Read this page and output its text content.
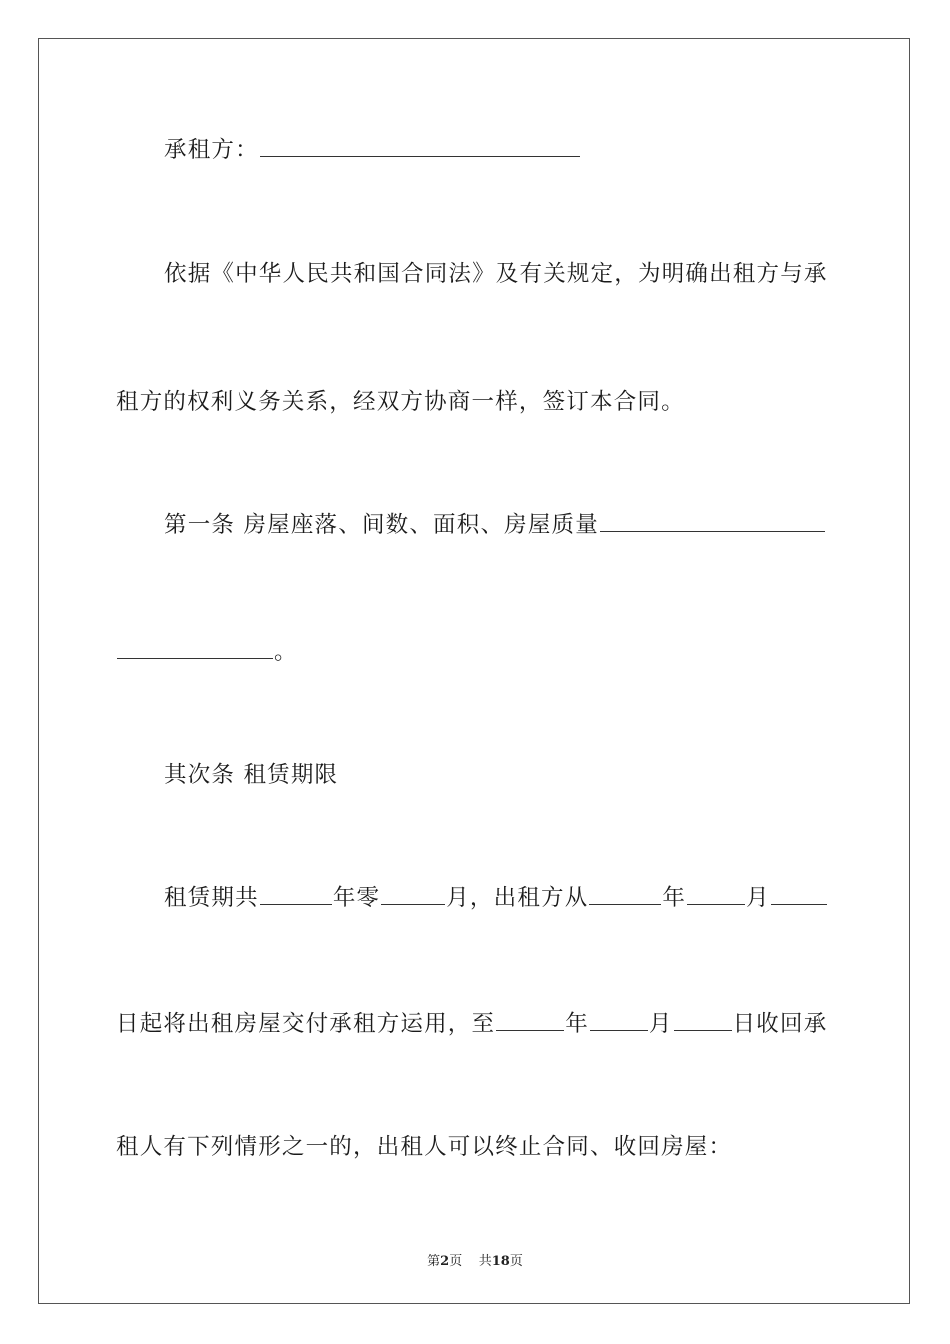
承租方：
依据《中华人民共和国合同法》及有关规定，为明确出租方与承
租方的权利义务关系，经双方协商一样，签订本合同。
第一条 房屋座落、间数、面积、房屋质量
。
其次条 租赁期限
租赁期共	年零	月，出租方从	年	月
日起将出租房屋交付承租方运用，至	年	月	日收回承
租人有下列情形之一的，出租人可以终止合同、收回房屋：
第2页    共18页
